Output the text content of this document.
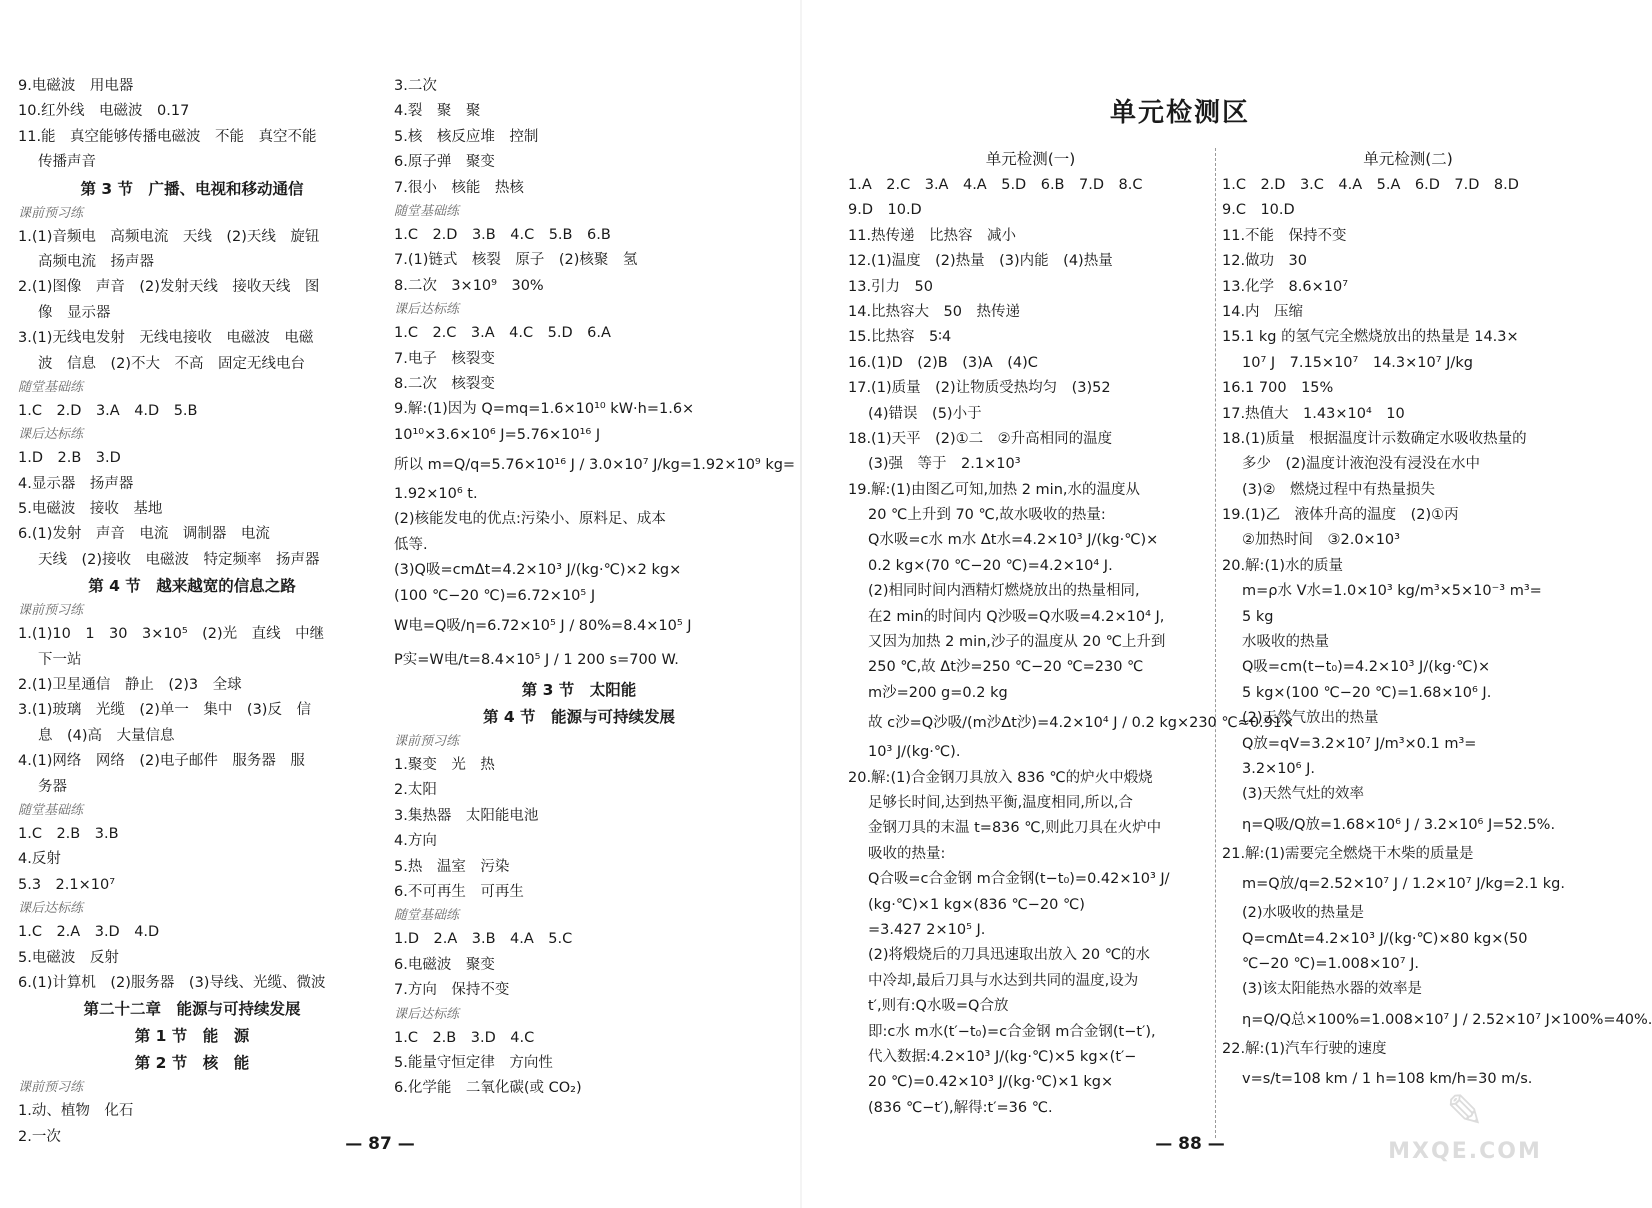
9.电磁波　用电器
10.红外线　电磁波　0.17
11.能　真空能够传播电磁波　不能　真空不能
传播声音
第 3 节　广播、电视和移动通信
课前预习练
1.(1)音频电　高频电流　天线　(2)天线　旋钮
高频电流　扬声器
2.(1)图像　声音　(2)发射天线　接收天线　图
像　显示器
3.(1)无线电发射　无线电接收　电磁波　电磁
波　信息　(2)不大　不高　固定无线电台
随堂基础练
1.C　2.D　3.A　4.D　5.B
课后达标练
1.D　2.B　3.D
4.显示器　扬声器
5.电磁波　接收　基地
6.(1)发射　声音　电流　调制器　电流
天线　(2)接收　电磁波　特定频率　扬声器
第 4 节　越来越宽的信息之路
课前预习练
1.(1)10　1　30　3×10⁵　(2)光　直线　中继
下一站
2.(1)卫星通信　静止　(2)3　全球
3.(1)玻璃　光缆　(2)单一　集中　(3)反　信
息　(4)高　大量信息
4.(1)网络　网络　(2)电子邮件　服务器　服
务器
随堂基础练
1.C　2.B　3.B
4.反射
5.3　2.1×10⁷
课后达标练
1.C　2.A　3.D　4.D
5.电磁波　反射
6.(1)计算机　(2)服务器　(3)导线、光缆、微波
第二十二章　能源与可持续发展
第 1 节　能　源
第 2 节　核　能
课前预习练
1.动、植物　化石
2.一次
3.二次
4.裂　聚　聚
5.核　核反应堆　控制
6.原子弹　聚变
7.很小　核能　热核
随堂基础练
1.C　2.D　3.B　4.C　5.B　6.B
7.(1)链式　核裂　原子　(2)核聚　氢
8.二次　3×10⁹　30%
课后达标练
1.C　2.C　3.A　4.C　5.D　6.A
7.电子　核裂变
8.二次　核裂变
9.解:(1)因为 Q=mq=1.6×10¹⁰ kW·h=1.6×
10¹⁰×3.6×10⁶ J=5.76×10¹⁶ J
所以 m=Q/q=5.76×10¹⁶ J / 3.0×10⁷ J/kg=1.92×10⁹ kg=
1.92×10⁶ t.
(2)核能发电的优点:污染小、原料足、成本
低等.
(3)Q吸=cmΔt=4.2×10³ J/(kg·℃)×2 kg×
(100 ℃−20 ℃)=6.72×10⁵ J
W电=Q吸/η=6.72×10⁵ J / 80%=8.4×10⁵ J
P实=W电/t=8.4×10⁵ J / 1 200 s=700 W.
第 3 节　太阳能
第 4 节　能源与可持续发展
课前预习练
1.聚变　光　热
2.太阳
3.集热器　太阳能电池
4.方向
5.热　温室　污染
6.不可再生　可再生
随堂基础练
1.D　2.A　3.B　4.A　5.C
6.电磁波　聚变
7.方向　保持不变
课后达标练
1.C　2.B　3.D　4.C
5.能量守恒定律　方向性
6.化学能　二氧化碳(或 CO₂)
单元检测区
单元检测(一)
1.A　2.C　3.A　4.A　5.D　6.B　7.D　8.C
9.D　10.D
11.热传递　比热容　减小
12.(1)温度　(2)热量　(3)内能　(4)热量
13.引力　50
14.比热容大　50　热传递
15.比热容　5∶4
16.(1)D　(2)B　(3)A　(4)C
17.(1)质量　(2)让物质受热均匀　(3)52
(4)错误　(5)小于
18.(1)天平　(2)①二　②升高相同的温度
(3)强　等于　2.1×10³
19.解:(1)由图乙可知,加热 2 min,水的温度从
20 ℃上升到 70 ℃,故水吸收的热量:
Q水吸=c水 m水 Δt水=4.2×10³ J/(kg·℃)×
0.2 kg×(70 ℃−20 ℃)=4.2×10⁴ J.
(2)相同时间内酒精灯燃烧放出的热量相同,
在2 min的时间内 Q沙吸=Q水吸=4.2×10⁴ J,
又因为加热 2 min,沙子的温度从 20 ℃上升到
250 ℃,故 Δt沙=250 ℃−20 ℃=230 ℃
m沙=200 g=0.2 kg
故 c沙=Q沙吸/(m沙Δt沙)=4.2×10⁴ J / 0.2 kg×230 ℃≈0.91×
10³ J/(kg·℃).
20.解:(1)合金钢刀具放入 836 ℃的炉火中煅烧
足够长时间,达到热平衡,温度相同,所以,合
金钢刀具的末温 t=836 ℃,则此刀具在火炉中
吸收的热量:
Q合吸=c合金钢 m合金钢(t−t₀)=0.42×10³ J/
(kg·℃)×1 kg×(836 ℃−20 ℃)
=3.427 2×10⁵ J.
(2)将煅烧后的刀具迅速取出放入 20 ℃的水
中冷却,最后刀具与水达到共同的温度,设为
t′,则有:Q水吸=Q合放
即:c水 m水(t′−t₀)=c合金钢 m合金钢(t−t′),
代入数据:4.2×10³ J/(kg·℃)×5 kg×(t′−
20 ℃)=0.42×10³ J/(kg·℃)×1 kg×
(836 ℃−t′),解得:t′=36 ℃.
单元检测(二)
1.C　2.D　3.C　4.A　5.A　6.D　7.D　8.D
9.C　10.D
11.不能　保持不变
12.做功　30
13.化学　8.6×10⁷
14.内　压缩
15.1 kg 的氢气完全燃烧放出的热量是 14.3×
10⁷ J　7.15×10⁷　14.3×10⁷ J/kg
16.1 700　15%
17.热值大　1.43×10⁴　10
18.(1)质量　根据温度计示数确定水吸收热量的
多少　(2)温度计液泡没有浸没在水中
(3)②　燃烧过程中有热量损失
19.(1)乙　液体升高的温度　(2)①丙
②加热时间　③2.0×10³
20.解:(1)水的质量
m=ρ水 V水=1.0×10³ kg/m³×5×10⁻³ m³=
5 kg
水吸收的热量
Q吸=cm(t−t₀)=4.2×10³ J/(kg·℃)×
5 kg×(100 ℃−20 ℃)=1.68×10⁶ J.
(2)天然气放出的热量
Q放=qV=3.2×10⁷ J/m³×0.1 m³=
3.2×10⁶ J.
(3)天然气灶的效率
η=Q吸/Q放=1.68×10⁶ J / 3.2×10⁶ J=52.5%.
21.解:(1)需要完全燃烧干木柴的质量是
m=Q放/q=2.52×10⁷ J / 1.2×10⁷ J/kg=2.1 kg.
(2)水吸收的热量是
Q=cmΔt=4.2×10³ J/(kg·℃)×80 kg×(50
℃−20 ℃)=1.008×10⁷ J.
(3)该太阳能热水器的效率是
η=Q/Q总×100%=1.008×10⁷ J / 2.52×10⁷ J×100%=40%.
22.解:(1)汽车行驶的速度
v=s/t=108 km / 1 h=108 km/h=30 m/s.
— 87 —	— 88 —
✎
MXQE.COM
